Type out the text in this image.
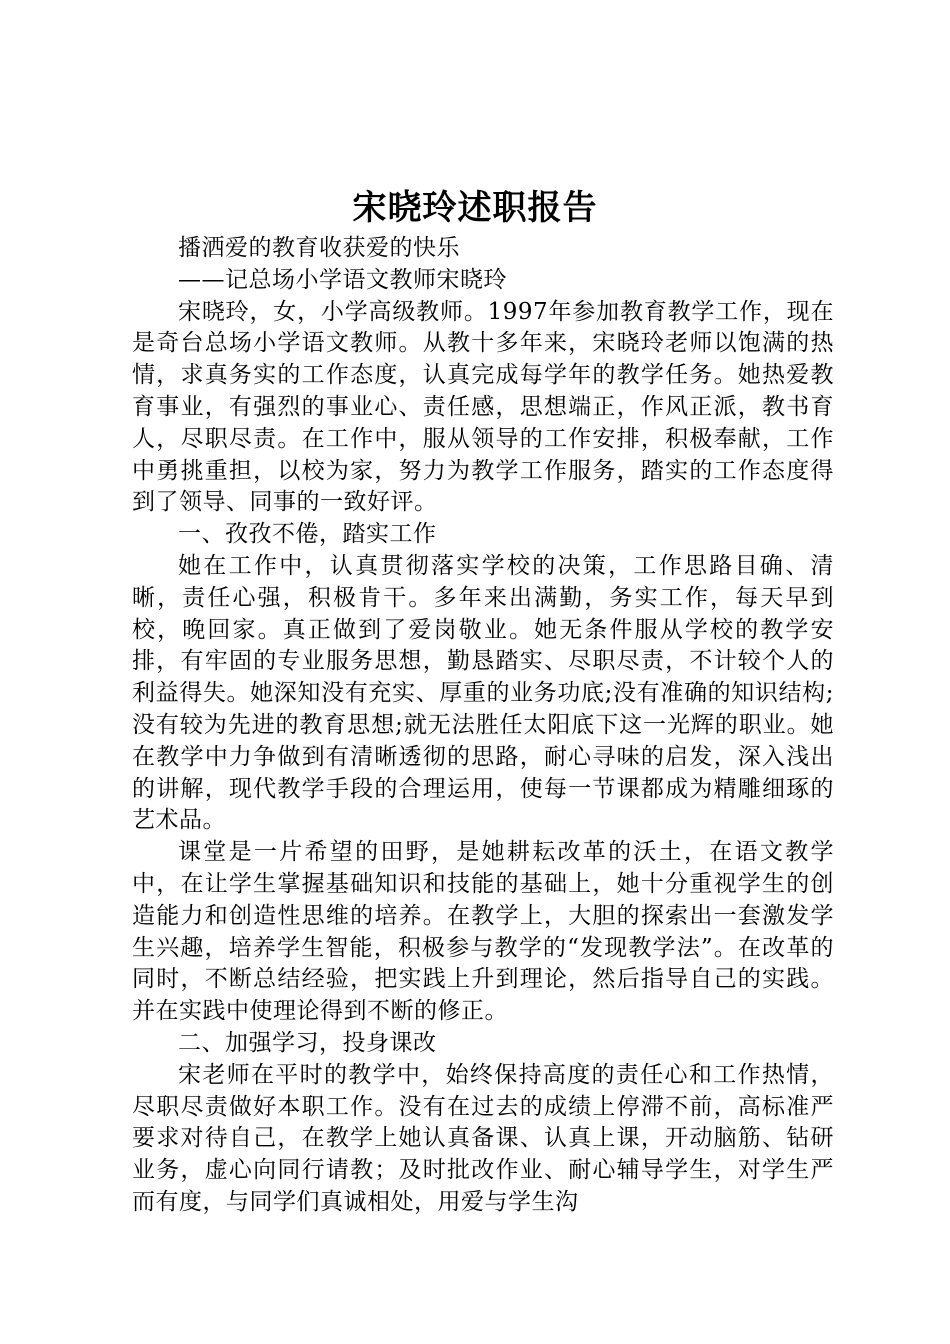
宋晓玲述职报告

播洒爱的教育收获爱的快乐

——记总场小学语文教师宋晓玲

宋晓玲，女，小学高级教师。1997年参加教育教学工作，现在是奇台总场小学语文教师。从教十多年来，宋晓玲老师以饱满的热情，求真务实的工作态度，认真完成每学年的教学任务。她热爱教育事业，有强烈的事业心、责任感，思想端正，作风正派，教书育人，尽职尽责。在工作中，服从领导的工作安排，积极奉献，工作中勇挑重担，以校为家，努力为教学工作服务，踏实的工作态度得到了领导、同事的一致好评。

一、孜孜不倦，踏实工作

她在工作中，认真贯彻落实学校的决策，工作思路目确、清晰，责任心强，积极肯干。多年来出满勤，务实工作，每天早到校，晚回家。真正做到了爱岗敬业。她无条件服从学校的教学安排，有牢固的专业服务思想，勤恳踏实、尽职尽责，不计较个人的利益得失。她深知没有充实、厚重的业务功底;没有准确的知识结构;没有较为先进的教育思想;就无法胜任太阳底下这一光辉的职业。她在教学中力争做到有清晰透彻的思路，耐心寻味的启发，深入浅出的讲解，现代教学手段的合理运用，使每一节课都成为精雕细琢的艺术品。

课堂是一片希望的田野，是她耕耘改革的沃土，在语文教学中，在让学生掌握基础知识和技能的基础上，她十分重视学生的创造能力和创造性思维的培养。在教学上，大胆的探索出一套激发学生兴趣，培养学生智能，积极参与教学的“发现教学法”。在改革的同时，不断总结经验，把实践上升到理论，然后指导自己的实践。并在实践中使理论得到不断的修正。

二、加强学习，投身课改

宋老师在平时的教学中，始终保持高度的责任心和工作热情，尽职尽责做好本职工作。没有在过去的成绩上停滞不前，高标准严要求对待自己，在教学上她认真备课、认真上课，开动脑筋、钻研业务，虚心向同行请教；及时批改作业、耐心辅导学生，对学生严而有度，与同学们真诚相处，用爱与学生沟
